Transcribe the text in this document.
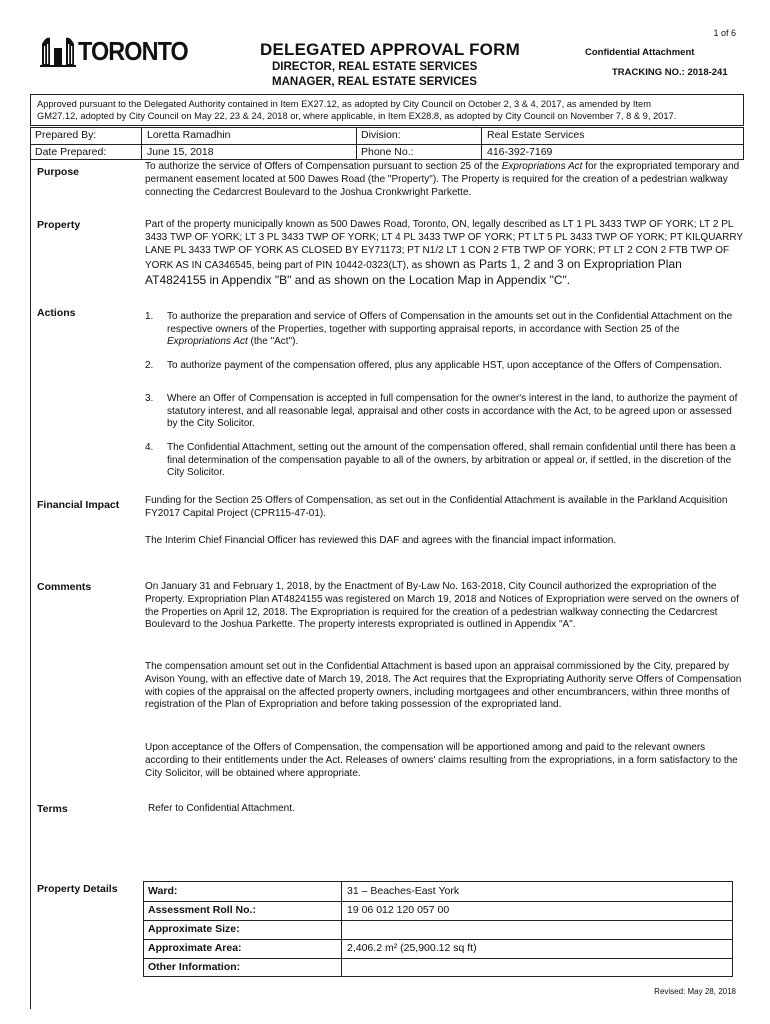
1 of 6
TORONTO	DELEGATED APPROVAL FORM
DIRECTOR, REAL ESTATE SERVICES
MANAGER, REAL ESTATE SERVICES
Confidential Attachment
TRACKING NO.: 2018-241
Approved pursuant to the Delegated Authority contained in Item EX27.12, as adopted by City Council on October 2, 3 & 4, 2017, as amended by Item
GM27.12, adopted by City Council on May 22, 23 & 24, 2018 or, where applicable, in Item EX28.8, as adopted by City Council on November 7, 8 & 9, 2017.
Prepared By:	Loretta Ramadhin	Division:	Real Estate Services
Date Prepared:	June 15, 2018	Phone No.:	416-392-7169
Purpose	To authorize the service of Offers of Compensation pursuant to section 25 of the Expropriations Act for the expropriated temporary and permanent easement located at 500 Dawes Road (the "Property"). The Property is required for the creation of a pedestrian walkway connecting the Cedarcrest Boulevard to the Joshua Cronkwright Parkette.
Property	Part of the property municipally known as 500 Dawes Road, Toronto, ON, legally described as LT 1 PL 3433 TWP OF YORK; LT 2 PL 3433 TWP OF YORK; LT 3 PL 3433 TWP OF YORK; LT 4 PL 3433 TWP OF YORK; PT LT 5 PL 3433 TWP OF YORK; PT KILQUARRY LANE PL 3433 TWP OF YORK AS CLOSED BY EY71173; PT N1/2 LT 1 CON 2 FTB TWP OF YORK; PT LT 2 CON 2 FTB TWP OF YORK AS IN CA346545, being part of PIN 10442-0323(LT), as shown as Parts 1, 2 and 3 on Expropriation Plan AT4824155 in Appendix "B" and as shown on the Location Map in Appendix "C".
Actions	1. To authorize the preparation and service of Offers of Compensation in the amounts set out in the Confidential Attachment on the respective owners of the Properties, together with supporting appraisal reports, in accordance with Section 25 of the Expropriations Act (the "Act").
2. To authorize payment of the compensation offered, plus any applicable HST, upon acceptance of the Offers of Compensation.
3. Where an Offer of Compensation is accepted in full compensation for the owner's interest in the land, to authorize the payment of statutory interest, and all reasonable legal, appraisal and other costs in accordance with the Act, to be agreed upon or assessed by the City Solicitor.
4. The Confidential Attachment, setting out the amount of the compensation offered, shall remain confidential until there has been a final determination of the compensation payable to all of the owners, by arbitration or appeal or, if settled, in the discretion of the City Solicitor.
Financial Impact	Funding for the Section 25 Offers of Compensation, as set out in the Confidential Attachment is available in the Parkland Acquisition FY2017 Capital Project (CPR115-47-01).
The Interim Chief Financial Officer has reviewed this DAF and agrees with the financial impact information.
Comments	On January 31 and February 1, 2018, by the Enactment of By-Law No. 163-2018, City Council authorized the expropriation of the Property. Expropriation Plan AT4824155 was registered on March 19, 2018 and Notices of Expropriation were served on the owners of the Properties on April 12, 2018. The Expropriation is required for the creation of a pedestrian walkway connecting the Cedarcrest Boulevard to the Joshua Parkette. The property interests expropriated is outlined in Appendix "A".
The compensation amount set out in the Confidential Attachment is based upon an appraisal commissioned by the City, prepared by Avison Young, with an effective date of March 19, 2018. The Act requires that the Expropriating Authority serve Offers of Compensation with copies of the appraisal on the affected property owners, including mortgagees and other encumbrancers, within three months of registration of the Plan of Expropriation and before taking possession of the expropriated land.
Upon acceptance of the Offers of Compensation, the compensation will be apportioned among and paid to the relevant owners according to their entitlements under the Act. Releases of owners' claims resulting from the expropriations, in a form satisfactory to the City Solicitor, will be obtained where appropriate.
Terms	Refer to Confidential Attachment.
Property Details	Ward:	31 – Beaches-East York
Assessment Roll No.:	19 06 012 120 057 00
Approximate Size:
Approximate Area:	2,406.2 m² (25,900.12 sq ft)
Other Information:
Revised: May 28, 2018
